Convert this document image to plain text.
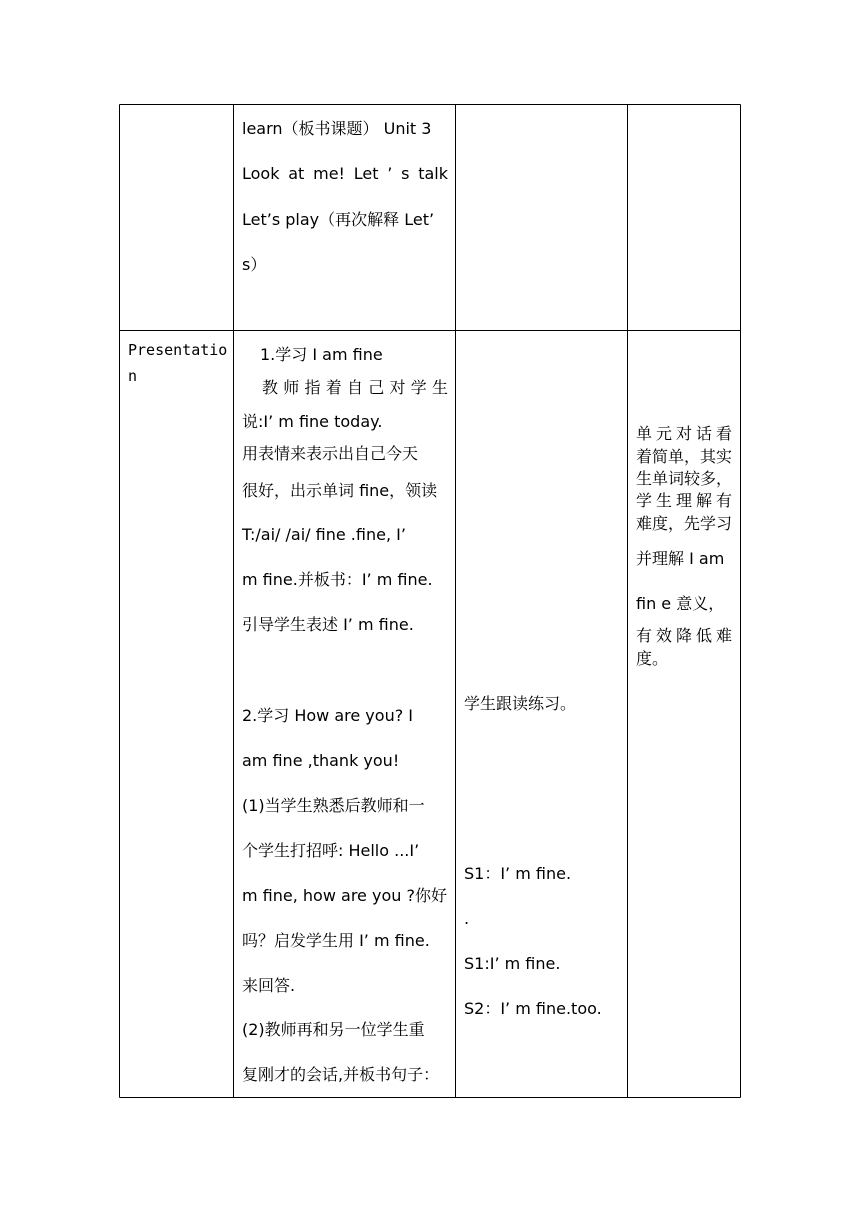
learn（板书课题） Unit 3
Look at me! Let ’ s talk
Let’s play（再次解释 Let’
s）
Presentatio
n
1.学习 I am fine
教师指着自己对学生
说:I’ m fine today.
用表情来表示出自己今天
很好，出示单词 fine，领读
T:/ai/ /ai/ fine .fine, I’
m fine.并板书：I’ m fine.
引导学生表述 I’ m fine.
2.学习 How are you? I
am fine ,thank you!
(1)当学生熟悉后教师和一
个学生打招呼: Hello ...I’
m fine, how are you ?你好
吗？启发学生用 I’ m fine.
来回答.
(2)教师再和另一位学生重
复刚才的会话,并板书句子：
学生跟读练习。
S1：I’ m fine.
.
S1:I’ m fine.
S2：I’ m fine.too.
单元对话看
着简单，其实
生单词较多，
学生理解有
难度，先学习
并理解 I am
fin e 意义，
有效降低难
度。
